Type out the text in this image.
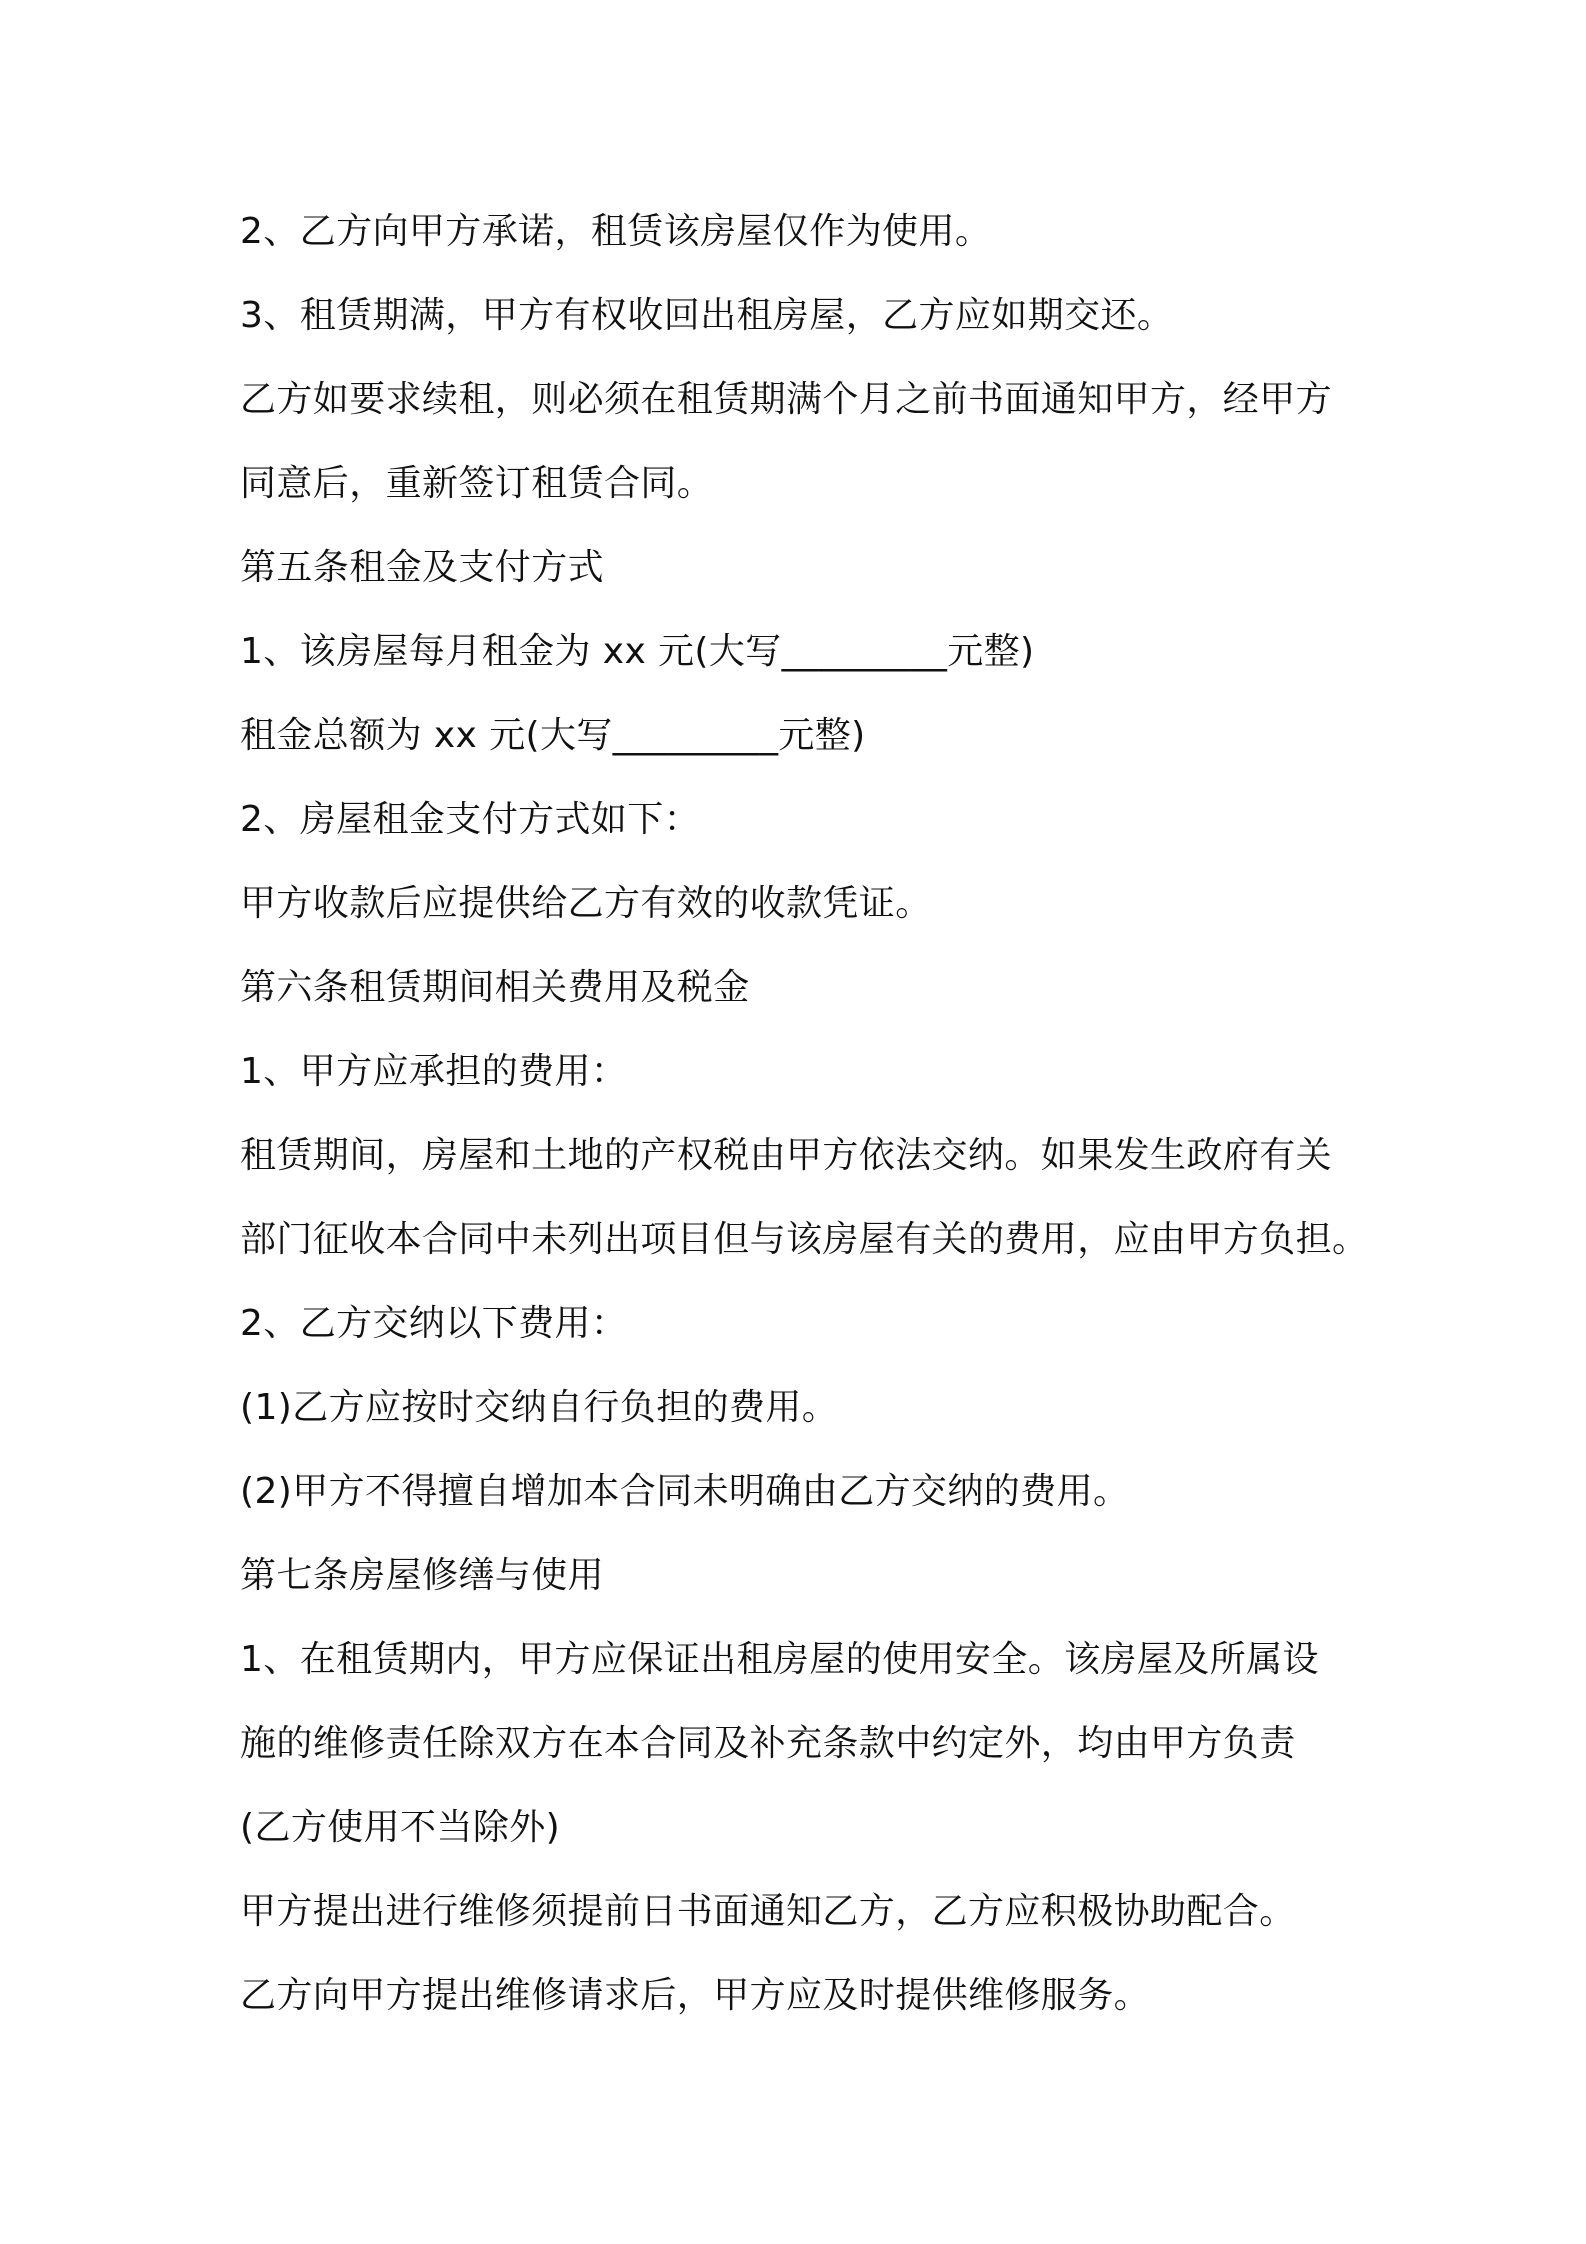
2、乙方向甲方承诺，租赁该房屋仅作为使用。

3、租赁期满，甲方有权收回出租房屋，乙方应如期交还。

乙方如要求续租，则必须在租赁期满个月之前书面通知甲方，经甲方

同意后，重新签订租赁合同。

第五条租金及支付方式

1、该房屋每月租金为 xx 元(大写_________元整)

租金总额为 xx 元(大写_________元整)

2、房屋租金支付方式如下：

甲方收款后应提供给乙方有效的收款凭证。

第六条租赁期间相关费用及税金

1、甲方应承担的费用：

租赁期间，房屋和土地的产权税由甲方依法交纳。如果发生政府有关

部门征收本合同中未列出项目但与该房屋有关的费用，应由甲方负担。

2、乙方交纳以下费用：

(1)乙方应按时交纳自行负担的费用。

(2)甲方不得擅自增加本合同未明确由乙方交纳的费用。

第七条房屋修缮与使用

1、在租赁期内，甲方应保证出租房屋的使用安全。该房屋及所属设

施的维修责任除双方在本合同及补充条款中约定外，均由甲方负责

(乙方使用不当除外)

甲方提出进行维修须提前日书面通知乙方，乙方应积极协助配合。

乙方向甲方提出维修请求后，甲方应及时提供维修服务。
